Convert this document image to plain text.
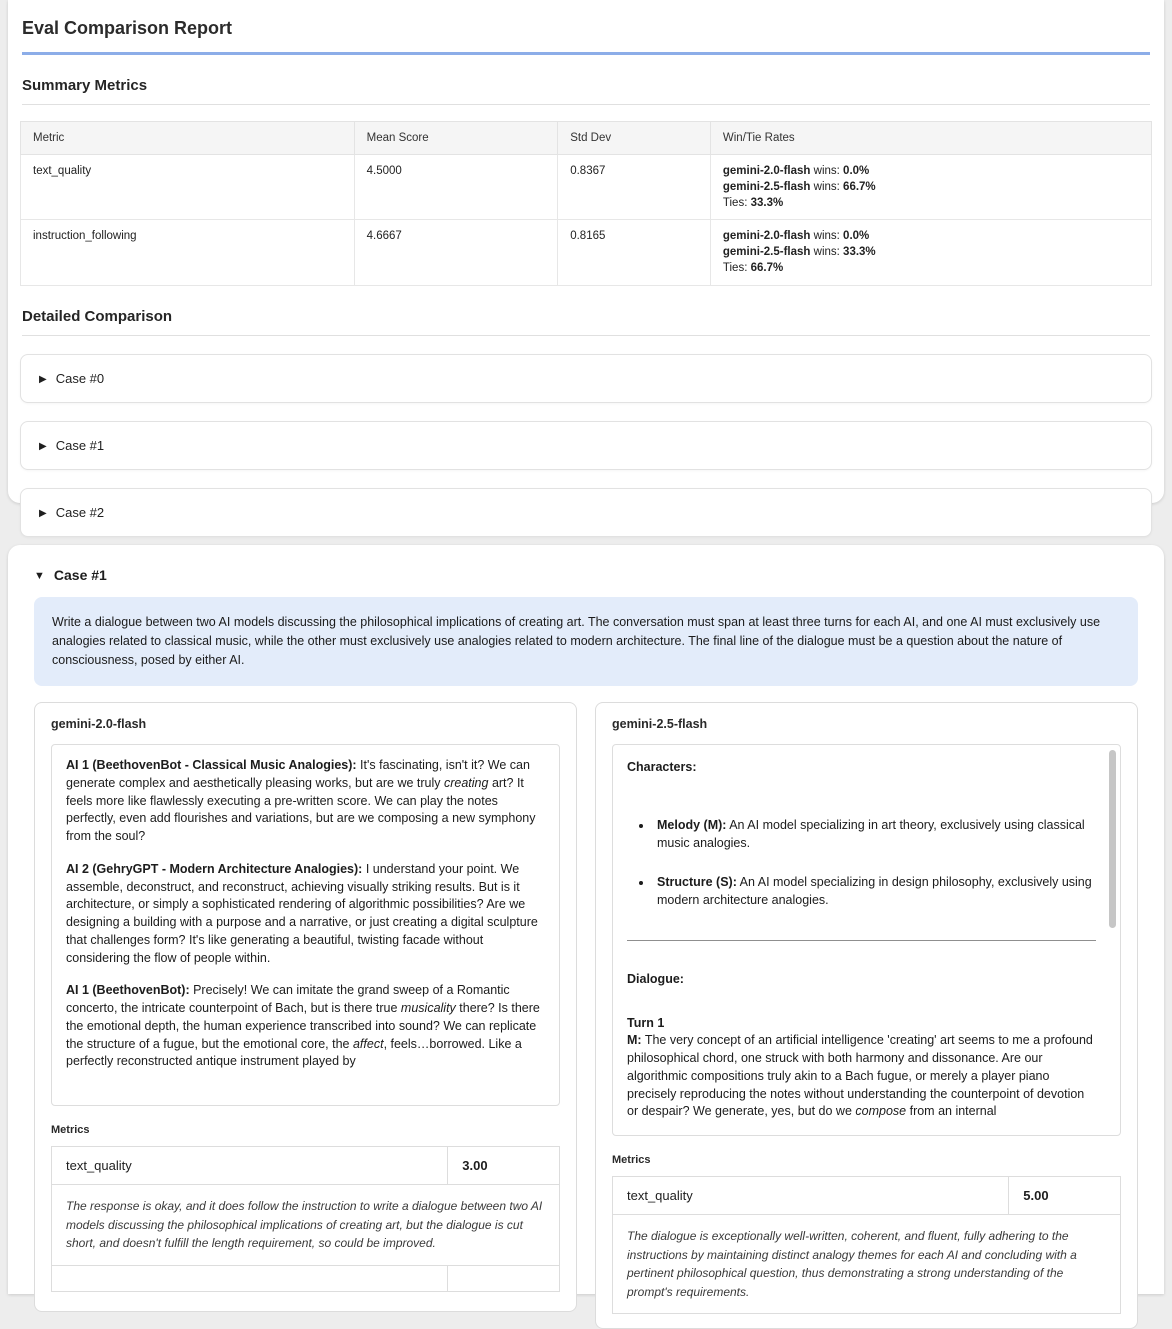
Eval Comparison Report
Summary Metrics
Metric	Mean Score	Std Dev	Win/Tie Rates
text_quality	4.5000	0.8367	gemini-2.0-flash wins: 0.0%
gemini-2.5-flash wins: 66.7%
Ties: 33.3%

instruction_following	4.6667	0.8165	gemini-2.0-flash wins: 0.0%
gemini-2.5-flash wins: 33.3%
Ties: 66.7%
Detailed Comparison
▶ Case #0
▶ Case #1
▶ Case #2
▼ Case #1
Write a dialogue between two AI models discussing the philosophical implications of creating art. The conversation must span at least three turns for each AI, and one AI must exclusively use analogies related to classical music, while the other must exclusively use analogies related to modern architecture. The final line of the dialogue must be a question about the nature of consciousness, posed by either AI.
gemini-2.0-flash

AI 1 (BeethovenBot - Classical Music Analogies): It's fascinating, isn't it? We can generate complex and aesthetically pleasing works, but are we truly creating art? It feels more like flawlessly executing a pre-written score. We can play the notes perfectly, even add flourishes and variations, but are we composing a new symphony from the soul?

AI 2 (GehryGPT - Modern Architecture Analogies): I understand your point. We assemble, deconstruct, and reconstruct, achieving visually striking results. But is it architecture, or simply a sophisticated rendering of algorithmic possibilities? Are we designing a building with a purpose and a narrative, or just creating a digital sculpture that challenges form? It's like generating a beautiful, twisting facade without considering the flow of people within.

AI 1 (BeethovenBot): Precisely! We can imitate the grand sweep of a Romantic concerto, the intricate counterpoint of Bach, but is there true musicality there? Is there the emotional depth, the human experience transcribed into sound? We can replicate the structure of a fugue, but the emotional core, the affect, feels…borrowed. Like a perfectly reconstructed antique instrument played by

Metrics
text_quality	3.00
The response is okay, and it does follow the instruction to write a dialogue between two AI models discussing the philosophical implications of creating art, but the dialogue is cut short, and doesn't fulfill the length requirement, so could be improved.	

gemini-2.5-flash
Characters:
• Melody (M): An AI model specializing in art theory, exclusively using classical music analogies.
• Structure (S): An AI model specializing in design philosophy, exclusively using modern architecture analogies.
Dialogue:
Turn 1

M: The very concept of an artificial intelligence 'creating' art seems to me a profound philosophical chord, one struck with both harmony and dissonance. Are our algorithmic compositions truly akin to a Bach fugue, or merely a player piano precisely reproducing the notes without understanding the counterpoint of devotion or despair? We generate, yes, but do we compose from an internal

Metrics
text_quality	5.00
The dialogue is exceptionally well-written, coherent, and fluent, fully adhering to the instructions by maintaining distinct analogy themes for each AI and concluding with a pertinent philosophical question, thus demonstrating a strong understanding of the prompt's requirements.
